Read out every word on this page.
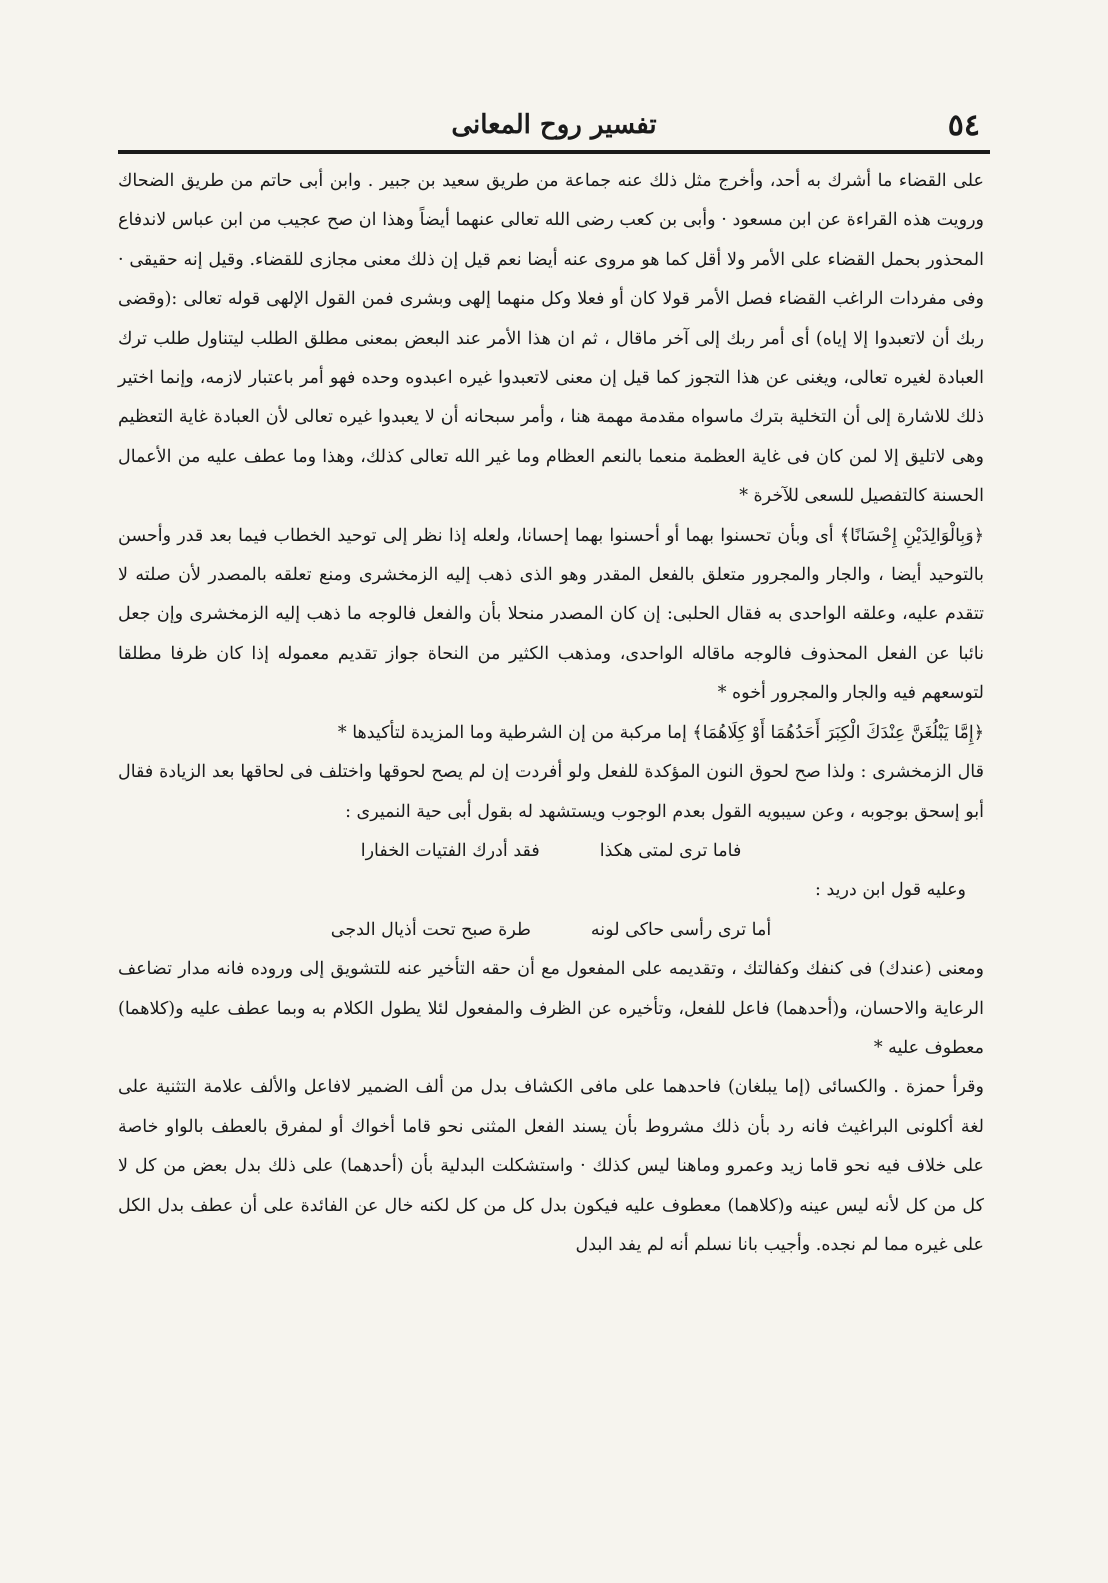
٥٤
تفسير روح المعانى

على القضاء ما أشرك به أحد، وأخرج مثل ذلك عنه جماعة من طريق سعيد بن جبير . وابن أبى حاتم من طريق الضحاك ورويت هذه القراءة عن ابن مسعود · وأبى بن كعب رضى الله تعالى عنهما أيضاً وهذا ان صح عجيب من ابن عباس لاندفاع المحذور بحمل القضاء على الأمر ولا أقل كما هو مروى عنه أيضا نعم قيل إن ذلك معنى مجازى للقضاء. وقيل إنه حقيقى · وفى مفردات الراغب القضاء فصل الأمر قولا كان أو فعلا وكل منهما إلهى وبشرى فمن القول الإلهى قوله تعالى :(وقضى ربك أن لاتعبدوا إلا إياه) أى أمر ربك إلى آخر ماقال ، ثم ان هذا الأمر عند البعض بمعنى مطلق الطلب ليتناول طلب ترك العبادة لغيره تعالى، ويغنى عن هذا التجوز كما قيل إن معنى لاتعبدوا غيره اعبدوه وحده فهو أمر باعتبار لازمه، وإنما اختير ذلك للاشارة إلى أن التخلية بترك ماسواه مقدمة مهمة هنا ، وأمر سبحانه أن لا يعبدوا غيره تعالى لأن العبادة غاية التعظيم وهى لاتليق إلا لمن كان فى غاية العظمة منعما بالنعم العظام وما غير الله تعالى كذلك، وهذا وما عطف عليه من الأعمال الحسنة كالتفصيل للسعى للآخرة *

﴿وَبِالْوَالِدَيْنِ إِحْسَانًا﴾ أى وبأن تحسنوا بهما أو أحسنوا بهما إحسانا، ولعله إذا نظر إلى توحيد الخطاب فيما بعد قدر وأحسن بالتوحيد أيضا ، والجار والمجرور متعلق بالفعل المقدر وهو الذى ذهب إليه الزمخشرى ومنع تعلقه بالمصدر لأن صلته لا تتقدم عليه، وعلقه الواحدى به فقال الحلبى: إن كان المصدر منحلا بأن والفعل فالوجه ما ذهب إليه الزمخشرى وإن جعل نائبا عن الفعل المحذوف فالوجه ماقاله الواحدى، ومذهب الكثير من النحاة جواز تقديم معموله إذا كان ظرفا مطلقا لتوسعهم فيه والجار والمجرور أخوه *

﴿إِمَّا يَبْلُغَنَّ عِنْدَكَ الْكِبَرَ أَحَدُهُمَا أَوْ كِلَاهُمَا﴾ إما مركبة من إن الشرطية وما المزيدة لتأكيدها *

قال الزمخشرى : ولذا صح لحوق النون المؤكدة للفعل ولو أفردت إن لم يصح لحوقها واختلف فى لحاقها بعد الزيادة فقال أبو إسحق بوجوبه ، وعن سيبويه القول بعدم الوجوب ويستشهد له بقول أبى حية النميرى :

فاما ترى لمتى هكذا
فقد أدرك الفتيات الخفارا

وعليه قول ابن دريد :

أما ترى رأسى حاكى لونه
طرة صبح تحت أذيال الدجى

ومعنى (عندك) فى كنفك وكفالتك ، وتقديمه على المفعول مع أن حقه التأخير عنه للتشويق إلى وروده فانه مدار تضاعف الرعاية والاحسان، و(أحدهما) فاعل للفعل، وتأخيره عن الظرف والمفعول لئلا يطول الكلام به وبما عطف عليه و(كلاهما) معطوف عليه *

وقرأ حمزة . والكسائى (إما يبلغان) فاحدهما على مافى الكشاف بدل من ألف الضمير لافاعل والألف علامة التثنية على لغة أكلونى البراغيث فانه رد بأن ذلك مشروط بأن يسند الفعل المثنى نحو قاما أخواك أو لمفرق بالعطف بالواو خاصة على خلاف فيه نحو قاما زيد وعمرو وماهنا ليس كذلك · واستشكلت البدلية بأن (أحدهما) على ذلك بدل بعض من كل لا كل من كل لأنه ليس عينه و(كلاهما) معطوف عليه فيكون بدل كل من كل لكنه خال عن الفائدة على أن عطف بدل الكل على غيره مما لم نجده. وأجيب بانا نسلم أنه لم يفد البدل
